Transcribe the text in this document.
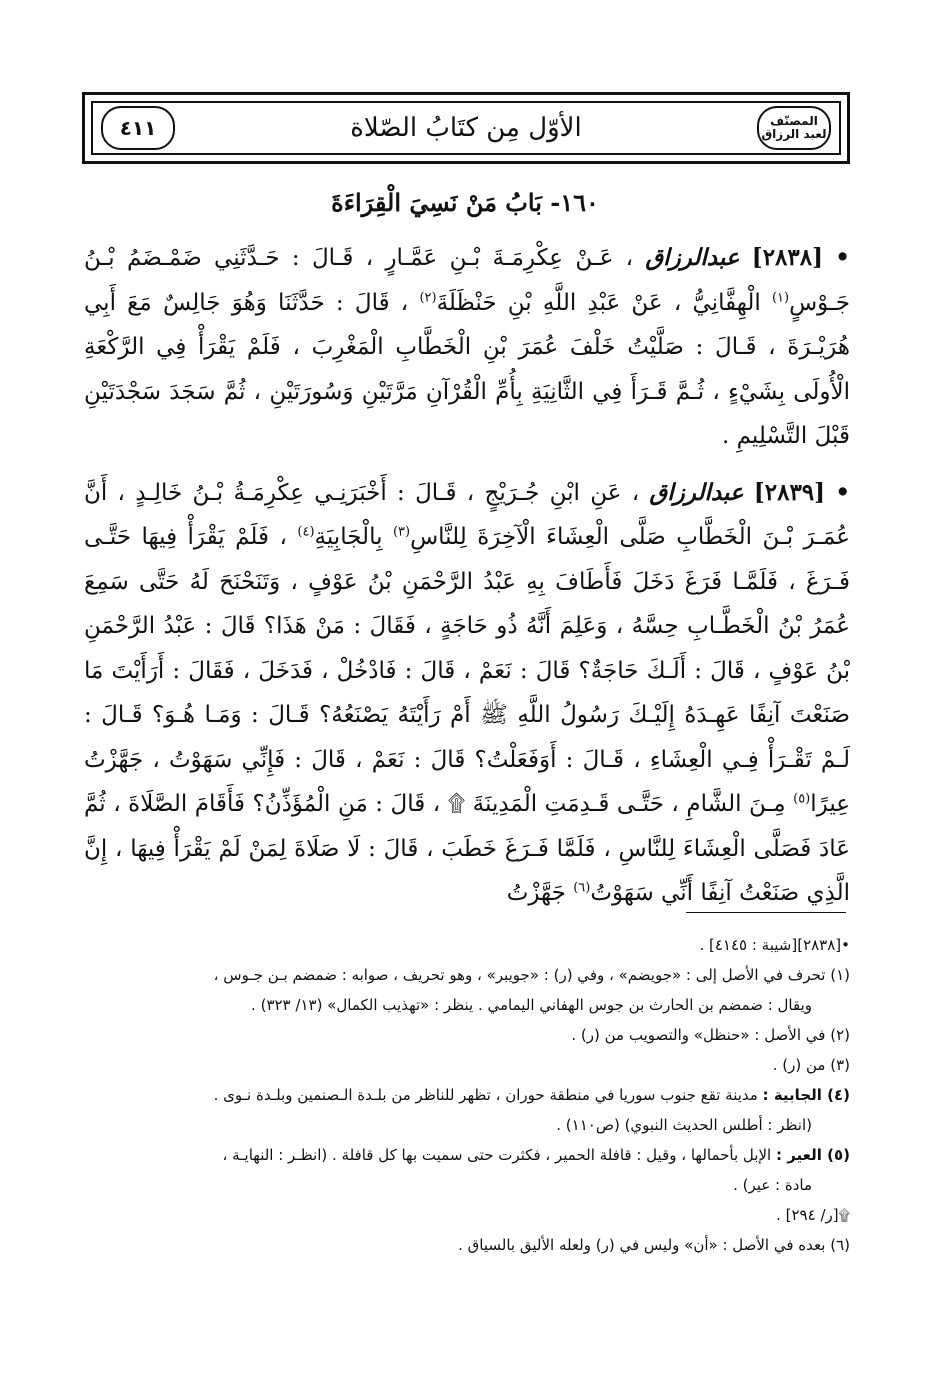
٤١١	الأوّل مِن كتَابُ الصّلاة	المصنّف لعبد الرزاق
١٦٠- بَابُ مَنْ نَسِيَ الْقِرَاءَةَ

• [٢٨٣٨] عبدالرزاق ، عَـنْ عِكْرِمَـةَ بْـنِ عَمَّـارٍ ، قَـالَ : حَـدَّثَنِي ضَمْـضَمُ بْـنُ جَـوْسٍ$^{(١)}$ الْهِفَّانِيُّ ، عَنْ عَبْدِ اللَّهِ بْنِ حَنْظَلَةَ$^{(٢)}$ ، قَالَ : حَدَّثَنَا وَهُوَ جَالِسٌ مَعَ أَبِي هُرَيْـرَةَ ، قَـالَ : صَلَّيْتُ خَلْفَ عُمَرَ بْنِ الْخَطَّابِ الْمَغْرِبَ ، فَلَمْ يَقْرَأْ فِي الرَّكْعَةِ الْأُولَى بِشَيْءٍ ، ثُـمَّ قَـرَأَ فِي الثَّانِيَةِ بِأُمِّ الْقُرْآنِ مَرَّتَيْنِ وَسُورَتَيْنِ ، ثُمَّ سَجَدَ سَجْدَتَيْنِ قَبْلَ التَّسْلِيمِ .

• [٢٨٣٩] عبدالرزاق ، عَنِ ابْنِ جُـرَيْجٍ ، قَـالَ : أَخْبَرَنِـي عِكْرِمَـةُ بْـنُ خَالِـدٍ ، أَنَّ عُمَـرَ بْـنَ الْخَطَّابِ صَلَّى الْعِشَاءَ الْآخِرَةَ لِلنَّاسِ$^{(٣)}$ بِالْجَابِيَةِ$^{(٤)}$ ، فَلَمْ يَقْرَأْ فِيهَا حَتَّـى فَـرَغَ ، فَلَمَّـا فَرَغَ دَخَلَ فَأَطَافَ بِهِ عَبْدُ الرَّحْمَنِ بْنُ عَوْفٍ ، وَتَنَحْنَحَ لَهُ حَتَّى سَمِعَ عُمَرُ بْنُ الْخَطَّـابِ حِسَّهُ ، وَعَلِمَ أَنَّهُ ذُو حَاجَةٍ ، فَقَالَ : مَنْ هَذَا؟ قَالَ : عَبْدُ الرَّحْمَنِ بْنُ عَوْفٍ ، قَالَ : أَلَـكَ حَاجَةٌ؟ قَالَ : نَعَمْ ، قَالَ : فَادْخُلْ ، فَدَخَلَ ، فَقَالَ : أَرَأَيْتَ مَا صَنَعْتَ آنِفًا عَهِـدَهُ إِلَيْـكَ رَسُولُ اللَّهِ ﷺ أَمْ رَأَيْتَهُ يَصْنَعُهُ؟ قَـالَ : وَمَـا هُـوَ؟ قَـالَ : لَـمْ تَقْـرَأْ فِـي الْعِشَاءِ ، قَـالَ : أَوَفَعَلْتُ؟ قَالَ : نَعَمْ ، قَالَ : فَإِنِّي سَهَوْتُ ، جَهَّزْتُ عِيرًا$^{(٥)}$ مِـنَ الشَّامِ ، حَتَّـى قَـدِمَتِ الْمَدِينَةَ ۩ ، قَالَ : مَنِ الْمُؤَذِّنُ؟ فَأَقَامَ الصَّلَاةَ ، ثُمَّ عَادَ فَصَلَّى الْعِشَاءَ لِلنَّاسِ ، فَلَمَّا فَـرَغَ خَطَبَ ، قَالَ : لَا صَلَاةَ لِمَنْ لَمْ يَقْرَأْ فِيهَا ، إِنَّ الَّذِي صَنَعْتُ آنِفًا أَنِّي سَهَوْتُ$^{(٦)}$ جَهَّزْتُ

•[٢٨٣٨][شيبة : ٤١٤٥] .

(١) تحرف في الأصل إلى : «جويضم» ، وفي (ر) : «جويبر» ، وهو تحريف ، صوابه : ضمضم بـن جـوس ،

ويقال : ضمضم بن الحارث بن جوس الهفاني اليمامي . ينظر : «تهذيب الكمال» (١٣/ ٣٢٣) .

(٢) في الأصل : «حنظل» والتصويب من (ر) .

(٣) من (ر) .

(٤) الجابية : مدينة تقع جنوب سوريا في منطقة حوران ، تظهر للناظر من بلـدة الـصنمين وبلـدة نـوى .

(انظر : أطلس الحديث النبوي) (ص١١٠) .

(٥) العير : الإبل بأحمالها ، وقيل : قافلة الحمير ، فكثرت حتى سميت بها كل قافلة . (انظـر : النهايـة ،

مادة : عير) .

۩[ر/ ٢٩٤] .

(٦) بعده في الأصل : «أن» وليس في (ر) ولعله الأليق بالسياق .
